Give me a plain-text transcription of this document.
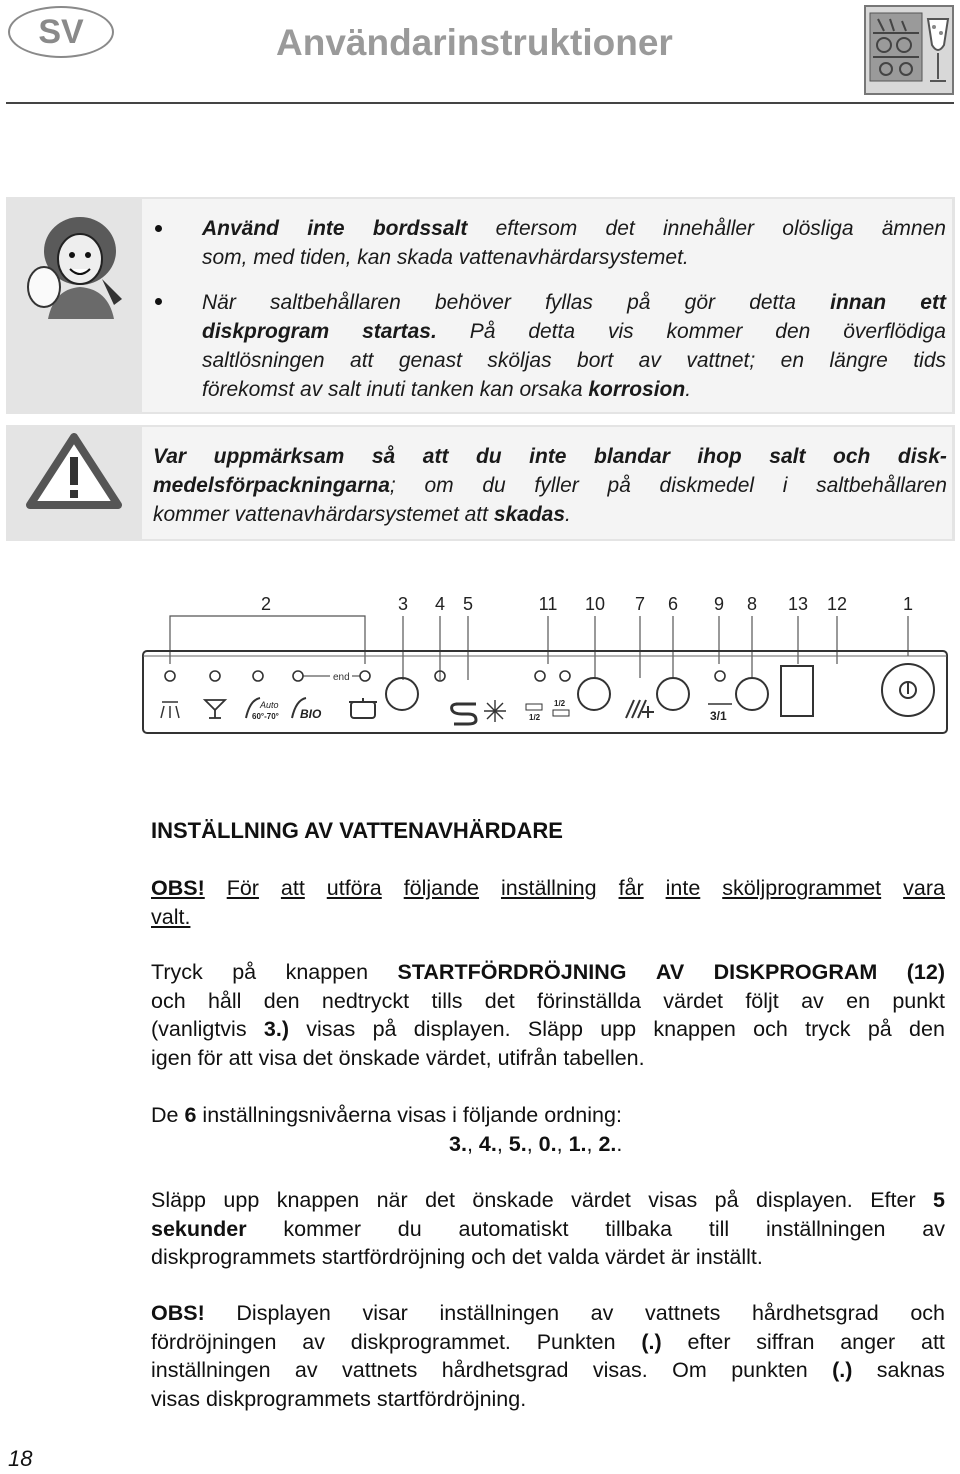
SV	Användarinstruktioner
Använd inte bordssalt eftersom det innehåller olösliga ämnen
som, med tiden, kan skada vattenavhärdarsystemet.
När saltbehållaren behöver fyllas på gör detta innan ett
diskprogram startas. På detta vis kommer den överflödiga
saltlösningen att genast sköljas bort av vattnet; en längre tids
förekomst av salt inuti tanken kan orsaka korrosion.
Var uppmärksam så att du inte blandar ihop salt och disk-
medelsförpackningarna; om du fyller på diskmedel i saltbehållaren
kommer vattenavhärdarsystemet att skadas.
2	3 4 5	11 10 7 6 9 8 13 12	1
end
Auto
60°-70° BIO	1/2
1/2
3/1
INSTÄLLNING AV VATTENAVHÄRDARE
OBS! För att utföra följande inställning får inte sköljprogrammet vara
valt.
Tryck på knappen STARTFÖRDRÖJNING AV DISKPROGRAM (12)
och håll den nedtryckt tills det förinställda värdet följt av en punkt
(vanligtvis 3.) visas på displayen. Släpp upp knappen och tryck på den
igen för att visa det önskade värdet, utifrån tabellen.
De 6 inställningsnivåerna visas i följande ordning:
3., 4., 5., 0., 1., 2..
Släpp upp knappen när det önskade värdet visas på displayen. Efter 5
sekunder kommer du automatiskt tillbaka till inställningen av
diskprogrammets startfördröjning och det valda värdet är inställt.
OBS! Displayen visar inställningen av vattnets hårdhetsgrad och
fördröjningen av diskprogrammet. Punkten (.) efter siffran anger att
inställningen av vattnets hårdhetsgrad visas. Om punkten (.) saknas
visas diskprogrammets startfördröjning.
18
